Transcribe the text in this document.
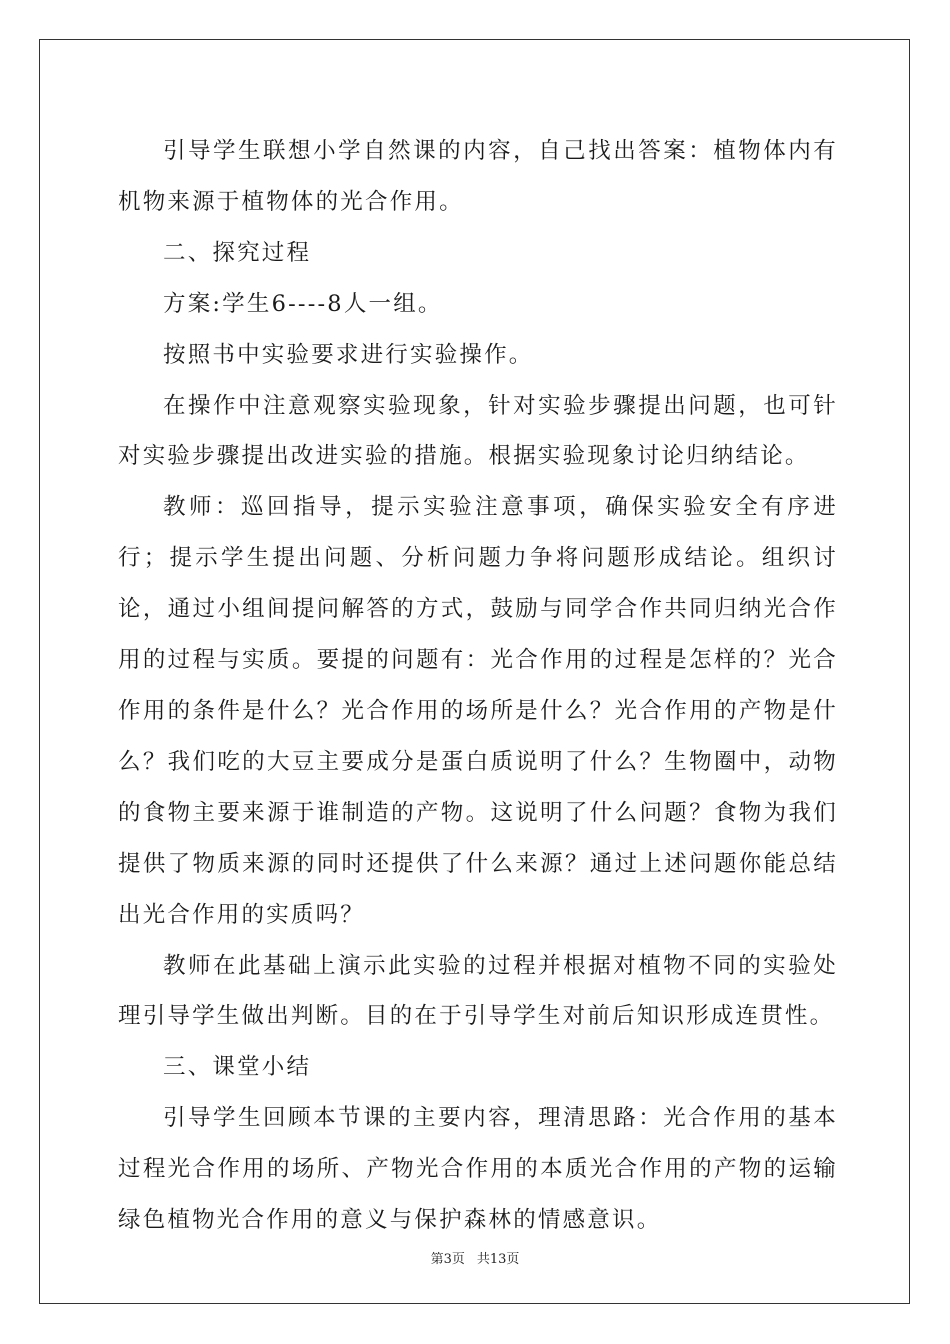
引导学生联想小学自然课的内容，自己找出答案：植物体内有机物来源于植物体的光合作用。

二、探究过程

方案:学生6----8人一组。

按照书中实验要求进行实验操作。

在操作中注意观察实验现象，针对实验步骤提出问题，也可针对实验步骤提出改进实验的措施。根据实验现象讨论归纳结论。

教师：巡回指导，提示实验注意事项，确保实验安全有序进行；提示学生提出问题、分析问题力争将问题形成结论。组织讨论，通过小组间提问解答的方式，鼓励与同学合作共同归纳光合作用的过程与实质。要提的问题有：光合作用的过程是怎样的？光合作用的条件是什么？光合作用的场所是什么？光合作用的产物是什么？我们吃的大豆主要成分是蛋白质说明了什么？生物圈中，动物的食物主要来源于谁制造的产物。这说明了什么问题？食物为我们提供了物质来源的同时还提供了什么来源？通过上述问题你能总结出光合作用的实质吗？

教师在此基础上演示此实验的过程并根据对植物不同的实验处理引导学生做出判断。目的在于引导学生对前后知识形成连贯性。

三、课堂小结

引导学生回顾本节课的主要内容，理清思路：光合作用的基本过程光合作用的场所、产物光合作用的本质光合作用的产物的运输绿色植物光合作用的意义与保护森林的情感意识。

第3页 共13页
